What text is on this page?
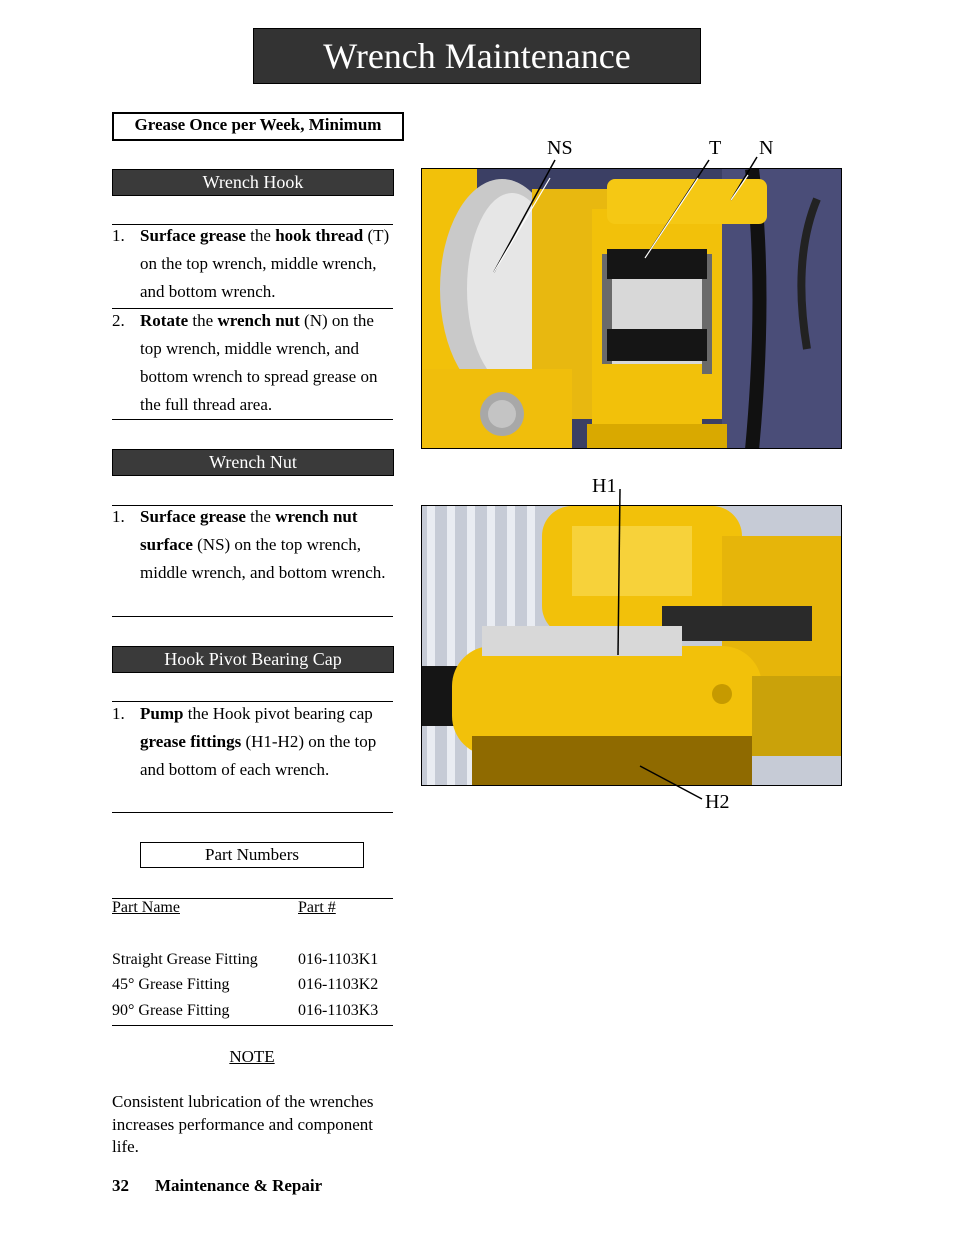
Wrench Maintenance
Grease Once per Week, Minimum
Wrench Hook
1. Surface grease the hook thread (T) on the top wrench, middle wrench, and bottom wrench.
2. Rotate the wrench nut (N) on the top wrench, middle wrench, and bottom wrench to spread grease on the full thread area.
Wrench Nut
1. Surface grease the wrench nut surface (NS) on the top wrench, middle wrench, and bottom wrench.
Hook Pivot Bearing Cap
1. Pump the Hook pivot bearing cap grease fittings (H1-H2) on the top and bottom of each wrench.
Part Numbers
Part Name	Part #
Straight Grease Fitting	016-1103K1
45° Grease Fitting	016-1103K2
90° Grease Fitting	016-1103K3
NOTE
Consistent lubrication of the wrenches increases performance and component life.
32 Maintenance & Repair
NS	T N
H1
H2
